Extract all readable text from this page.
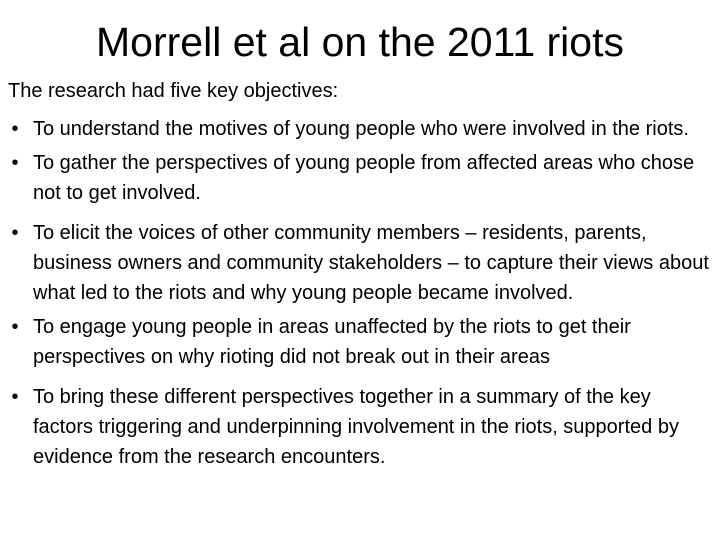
Morrell et al on the 2011 riots

The research had five key objectives:

• To understand the motives of young people who were involved in the riots.
• To gather the perspectives of young people from affected areas who chose not to get involved.
• To elicit the voices of other community members – residents, parents, business owners and community stakeholders – to capture their views about what led to the riots and why young people became involved.
• To engage young people in areas unaffected by the riots to get their perspectives on why rioting did not break out in their areas
• To bring these different perspectives together in a summary of the key factors triggering and underpinning involvement in the riots, supported by evidence from the research encounters.
